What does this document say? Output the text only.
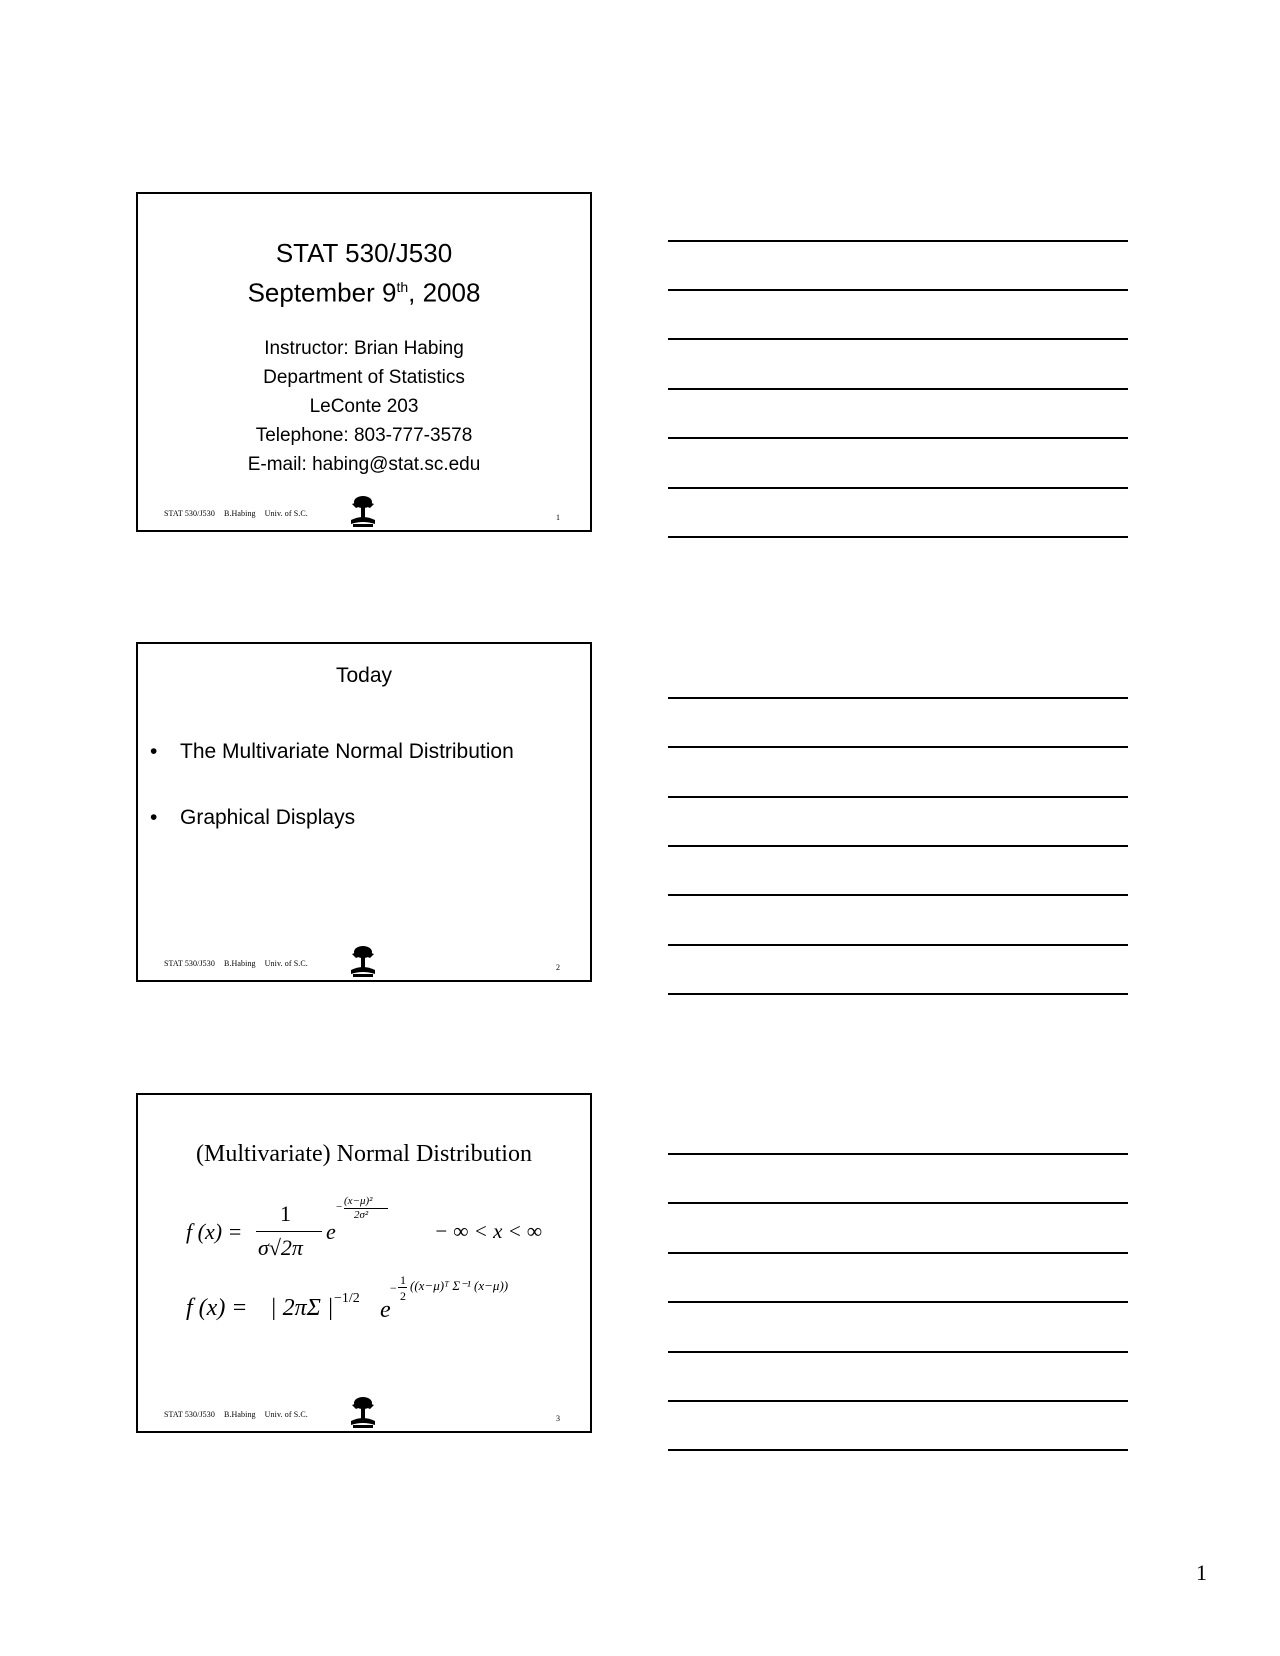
STAT 530/J530
September 9th, 2008
Instructor: Brian Habing
Department of Statistics
LeConte 203
Telephone: 803-777-3578
E-mail: habing@stat.sc.edu
STAT 530/J530 B.Habing Univ. of S.C.	1
Today
• The Multivariate Normal Distribution
• Graphical Displays
STAT 530/J530 B.Habing Univ. of S.C.	2
(Multivariate) Normal Distribution
f (x) =
1
σ√2π
e
− (x−μ)²
2σ²
− ∞ < x < ∞
f (x) = | 2πΣ | −1/2 e
−
1
2
((x−μ)ᵀ Σ⁻¹ (x−μ))
STAT 530/J530 B.Habing Univ. of S.C.	3
1
